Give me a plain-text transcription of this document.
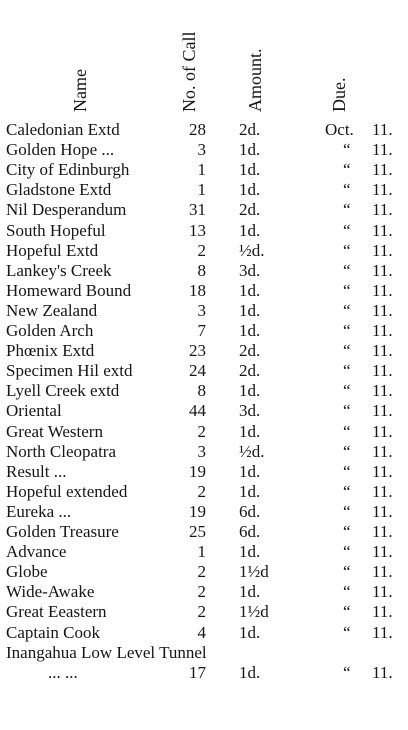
Name	No. of Call	Amount.	Due.
Caledonian Extd	28 2d.	Oct. 11.
Golden Hope ...	3 1d.	“ 11.
City of Edinburgh	1 1d.	“ 11.
Gladstone Extd	1 1d.	“ 11.
Nil Desperandum	31 2d.	“ 11.
South Hopeful	13 1d.	“ 11.
Hopeful Extd	2 ½d.	“ 11.
Lankey's Creek	8 3d.	“ 11.
Homeward Bound	18 1d.	“ 11.
New Zealand	3 1d.	“ 11.
Golden Arch	7 1d.	“ 11.
Phœnix Extd	23 2d.	“ 11.
Specimen Hil extd	24 2d.	“ 11.
Lyell Creek extd	8 1d.	“ 11.
Oriental	44 3d.	“ 11.
Great Western	2 1d.	“ 11.
North Cleopatra	3 ½d.	“ 11.
Result ...	19 1d.	“ 11.
Hopeful extended	2 1d.	“ 11.
Eureka ...	19 6d.	“ 11.
Golden Treasure	25 6d.	“ 11.
Advance	1 1d.	“ 11.
Globe	2 1½d	“ 11.
Wide-Awake	2 1d.	“ 11.
Great Eeastern	2 1½d	“ 11.
Captain Cook	4 1d.	“ 11.
Inangahua Low Level Tunnel
... ...	17 1d.	“ 11.
